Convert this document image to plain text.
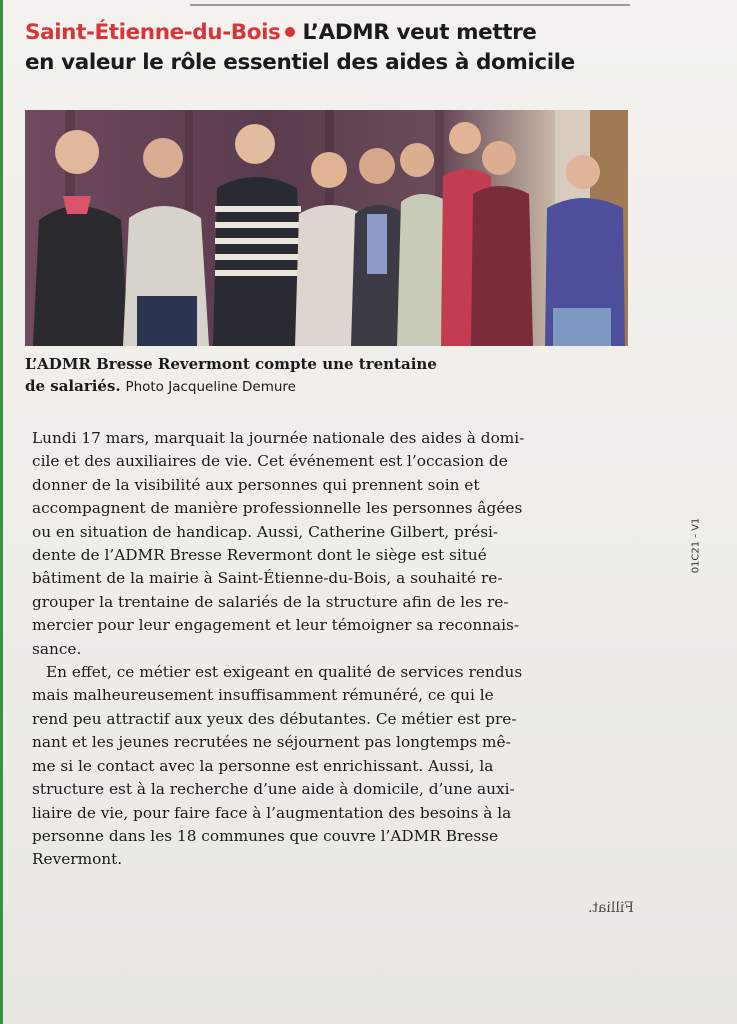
Saint-Étienne-du-Bois L’ADMR veut mettre
en valeur le rôle essentiel des aides à domicile
L’ADMR Bresse Revermont compte une trentaine
de salariés. Photo Jacqueline Demure
Lundi 17 mars, marquait la journée nationale des aides à domi-
cile et des auxiliaires de vie. Cet événement est l’occasion de
donner de la visibilité aux personnes qui prennent soin et
accompagnent de manière professionnelle les personnes âgées
ou en situation de handicap. Aussi, Catherine Gilbert, prési-
dente de l’ADMR Bresse Revermont dont le siège est situé
bâtiment de la mairie à Saint-Étienne-du-Bois, a souhaité re-
grouper la trentaine de salariés de la structure afin de les re-
mercier pour leur engagement et leur témoigner sa reconnais-
sance.
En effet, ce métier est exigeant en qualité de services rendus
mais malheureusement insuffisamment rémunéré, ce qui le
rend peu attractif aux yeux des débutantes. Ce métier est pre-
nant et les jeunes recrutées ne séjournent pas longtemps mê-
me si le contact avec la personne est enrichissant. Aussi, la
structure est à la recherche d’une aide à domicile, d’une auxi-
liaire de vie, pour faire face à l’augmentation des besoins à la
personne dans les 18 communes que couvre l’ADMR Bresse
Revermont.
01C21 - V1
Filliat.
